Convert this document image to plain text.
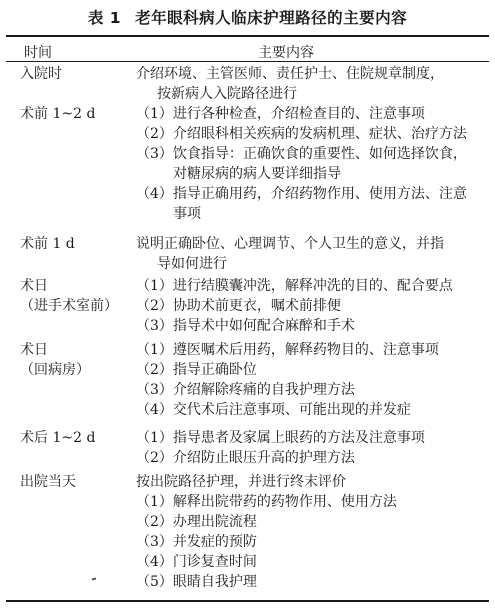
表 1 老年眼科病人临床护理路径的主要内容
时间	主要内容
入院时	介绍环境、主管医师、责任护士、住院规章制度，
按新病人入院路径进行
术前 1~2 d	（1）进行各种检查，介绍检查目的、注意事项
（2）介绍眼科相关疾病的发病机理、症状、治疗方法
（3）饮食指导：正确饮食的重要性、如何选择饮食，
对糖尿病的病人要详细指导
（4）指导正确用药，介绍药物作用、使用方法、注意
事项
术前 1 d	说明正确卧位、心理调节、个人卫生的意义，并指
导如何进行
术日
（进手术室前）
（1）进行结膜囊冲洗，解释冲洗的目的、配合要点
（2）协助术前更衣，嘱术前排便
（3）指导术中如何配合麻醉和手术
术日
（回病房）
（1）遵医嘱术后用药，解释药物目的、注意事项
（2）指导正确卧位
（3）介绍解除疼痛的自我护理方法
（4）交代术后注意事项、可能出现的并发症
术后 1~2 d	（1）指导患者及家属上眼药的方法及注意事项
（2）介绍防止眼压升高的护理方法
出院当天	按出院路径护理，并进行终末评价
（1）解释出院带药的药物作用、使用方法
（2）办理出院流程
（3）并发症的预防
（4）门诊复查时间
（5）眼睛自我护理
